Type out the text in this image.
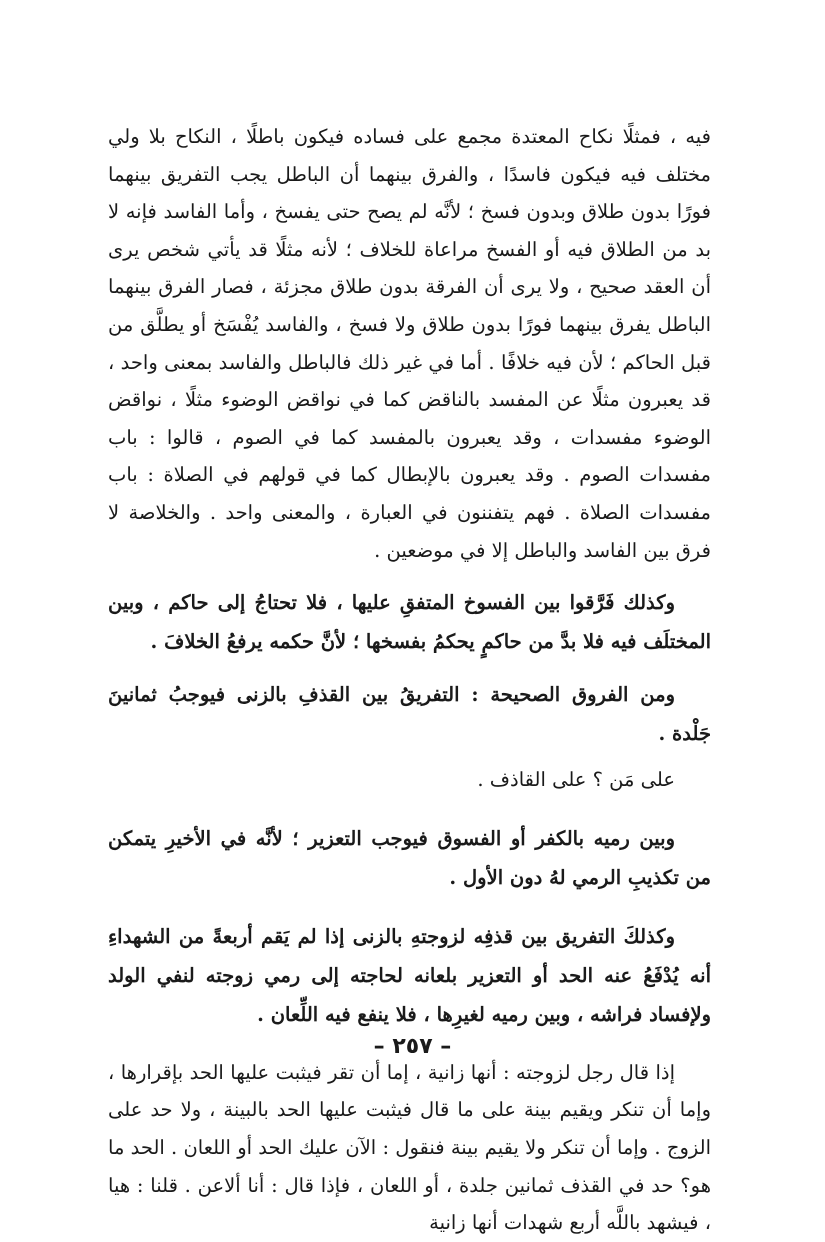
فيه ، فمثلًا نكاح المعتدة مجمع على فساده فيكون باطلًا ، النكاح بلا ولي مختلف فيه فيكون فاسدًا ، والفرق بينهما أن الباطل يجب التفريق بينهما فورًا بدون طلاق وبدون فسخ ؛ لأنَّه لم يصح حتى يفسخ ، وأما الفاسد فإنه لا بد من الطلاق فيه أو الفسخ مراعاة للخلاف ؛ لأنه مثلًا قد يأتي شخص يرى أن العقد صحيح ، ولا يرى أن الفرقة بدون طلاق مجزئة ، فصار الفرق بينهما الباطل يفرق بينهما فورًا بدون طلاق ولا فسخ ، والفاسد يُفْسَخ أو يطلَّق من قبل الحاكم ؛ لأن فيه خلافًا . أما في غير ذلك فالباطل والفاسد بمعنى واحد ، قد يعبرون مثلًا عن المفسد بالناقض كما في نواقض الوضوء مثلًا ، نواقض الوضوء مفسدات ، وقد يعبرون بالمفسد كما في الصوم ، قالوا : باب مفسدات الصوم . وقد يعبرون بالإبطال كما في قولهم في الصلاة : باب مفسدات الصلاة . فهم يتفننون في العبارة ، والمعنى واحد . والخلاصة لا فرق بين الفاسد والباطل إلا في موضعين .

وكذلك فَرَّقوا بين الفسوخ المتفقِ عليها ، فلا تحتاجُ إلى حاكم ، وبين المختلَف فيه فلا بدَّ من حاكمٍ يحكمُ بفسخها ؛ لأنَّ حكمه يرفعُ الخلافَ .

ومن الفروق الصحيحة : التفريقُ بين القذفِ بالزنى فيوجبُ ثمانينَ جَلْدة .

على مَن ؟ على القاذف .

وبين رميه بالكفر أو الفسوق فيوجب التعزير ؛ لأنَّه في الأخيرِ يتمكن من تكذيبِ الرمي لهُ دون الأول .

وكذلكَ التفريق بين قذفِه لزوجتهِ بالزنى إذا لم يَقم أربعةً من الشهداءِ أنه يُدْفَعُ عنه الحد أو التعزير بلعانه لحاجته إلى رمي زوجته لنفي الولد ولإفساد فراشه ، وبين رميه لغيرِها ، فلا ينفع فيه اللِّعان .

إذا قال رجل لزوجته : أنها زانية ، إما أن تقر فيثبت عليها الحد بإقرارها ، وإما أن تنكر ويقيم بينة على ما قال فيثبت عليها الحد بالبينة ، ولا حد على الزوج . وإما أن تنكر ولا يقيم بينة فنقول : الآن عليك الحد أو اللعان . الحد ما هو؟ حد في القذف ثمانين جلدة ، أو اللعان ، فإذا قال : أنا ألاعن . قلنا : هيا ، فيشهد باللَّه أربع شهدات أنها زانية

– ٢٥٧ –
